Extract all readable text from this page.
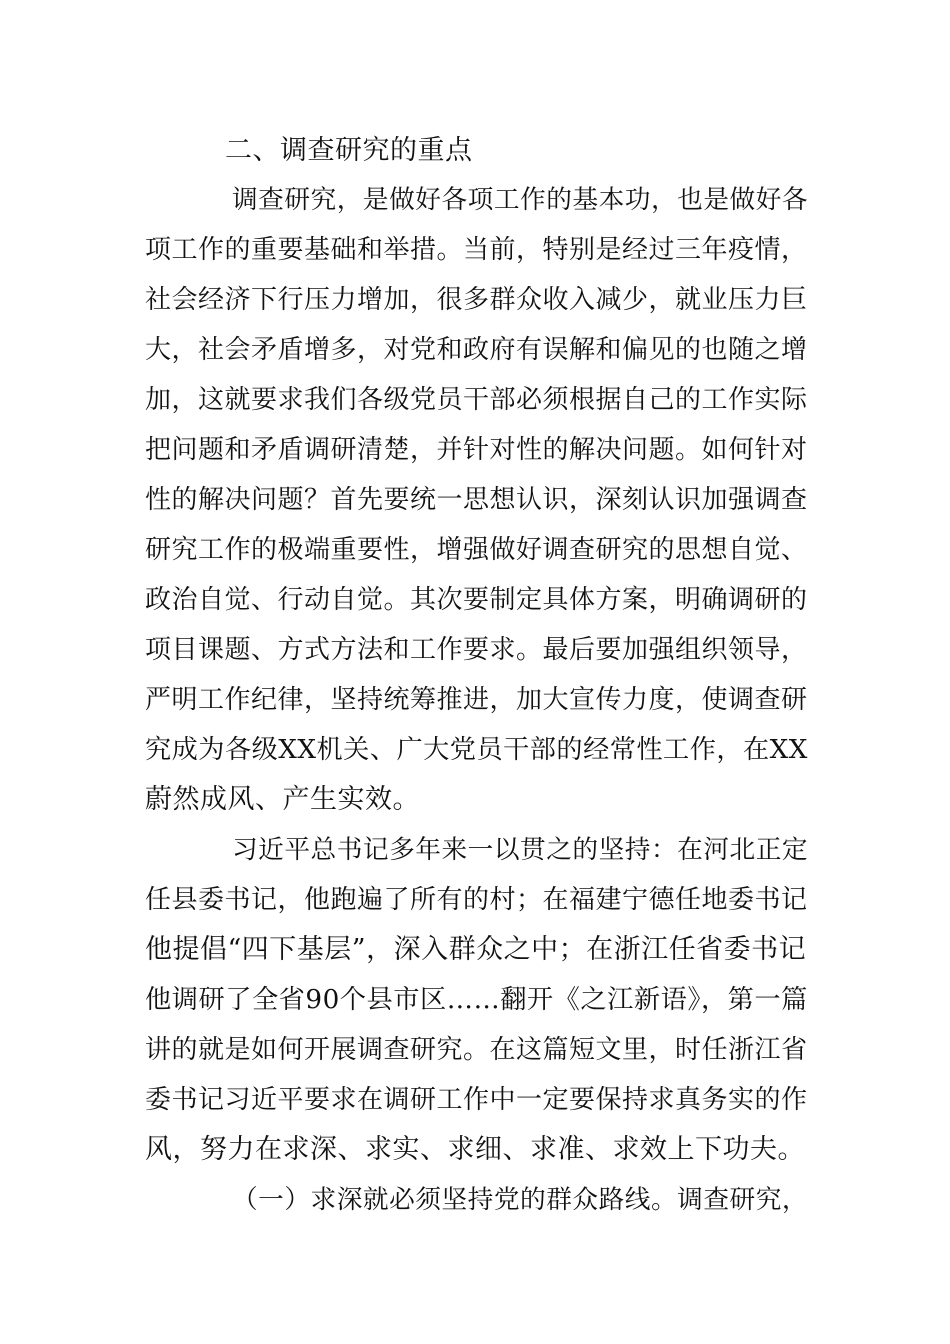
二、调查研究的重点
调查研究，是做好各项工作的基本功，也是做好各
项工作的重要基础和举措。当前，特别是经过三年疫情，
社会经济下行压力增加，很多群众收入减少，就业压力巨
大，社会矛盾增多，对党和政府有误解和偏见的也随之增
加，这就要求我们各级党员干部必须根据自己的工作实际
把问题和矛盾调研清楚，并针对性的解决问题。如何针对
性的解决问题？首先要统一思想认识，深刻认识加强调查
研究工作的极端重要性，增强做好调查研究的思想自觉、
政治自觉、行动自觉。其次要制定具体方案，明确调研的
项目课题、方式方法和工作要求。最后要加强组织领导，
严明工作纪律，坚持统筹推进，加大宣传力度，使调查研
究成为各级XX机关、广大党员干部的经常性工作，在XX
蔚然成风、产生实效。
习近平总书记多年来一以贯之的坚持：在河北正定
任县委书记，他跑遍了所有的村；在福建宁德任地委书记
他提倡“四下基层”，深入群众之中；在浙江任省委书记
他调研了全省90个县市区……翻开《之江新语》，第一篇
讲的就是如何开展调查研究。在这篇短文里，时任浙江省
委书记习近平要求在调研工作中一定要保持求真务实的作
风，努力在求深、求实、求细、求准、求效上下功夫。
（一）求深就必须坚持党的群众路线。调查研究，
